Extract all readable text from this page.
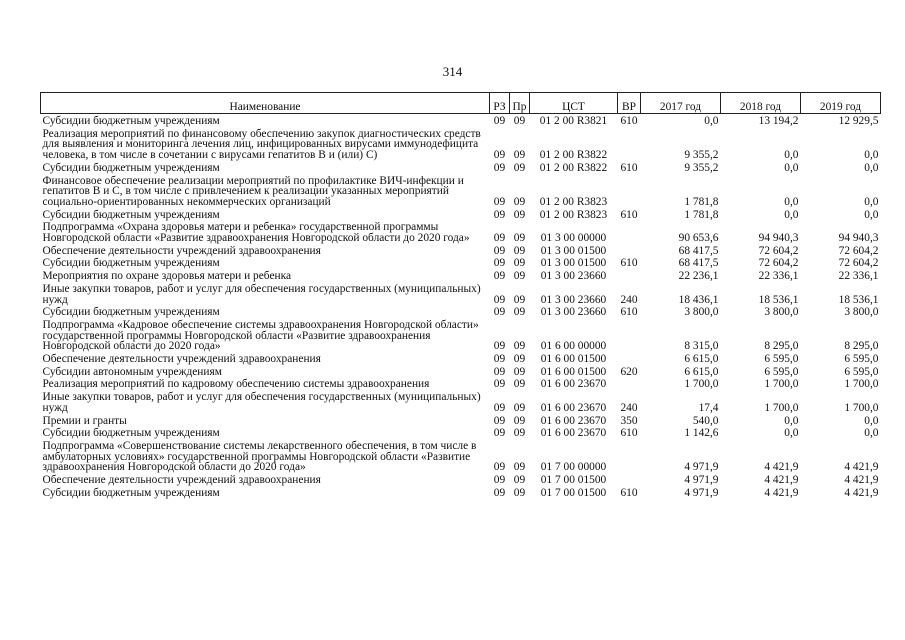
314
Наименование	РЗ	Пр	ЦСТ	ВР	2017 год	2018 год	2019 год
Субсидии бюджетным учреждениям	09	09	01 2 00 R3821	610	0,0	13 194,2	12 929,5
Реализация мероприятий по финансовому обеспечению закупок диагностических средств для выявления и мониторинга лечения лиц, инфицированных вирусами иммунодефицита человека, в том числе в сочетании с вирусами гепатитов В и (или) С)	09	09	01 2 00 R3822		9 355,2	0,0	0,0
Субсидии бюджетным учреждениям	09	09	01 2 00 R3822	610	9 355,2	0,0	0,0
Финансовое обеспечение реализации мероприятий по профилактике ВИЧ-инфекции и гепатитов В и С, в том числе с привлечением к реализации указанных мероприятий социально-ориентированных некоммерческих организаций	09	09	01 2 00 R3823		1 781,8	0,0	0,0
Субсидии бюджетным учреждениям	09	09	01 2 00 R3823	610	1 781,8	0,0	0,0
Подпрограмма «Охрана здоровья матери и ребенка» государственной программы Новгородской области «Развитие здравоохранения Новгородской области до 2020 года»	09	09	01 3 00 00000		90 653,6	94 940,3	94 940,3
Обеспечение деятельности учреждений здравоохранения	09	09	01 3 00 01500		68 417,5	72 604,2	72 604,2
Субсидии бюджетным учреждениям	09	09	01 3 00 01500	610	68 417,5	72 604,2	72 604,2
Мероприятия по охране здоровья матери и ребенка	09	09	01 3 00 23660		22 236,1	22 336,1	22 336,1
Иные закупки товаров, работ и услуг для обеспечения государственных (муниципальных) нужд	09	09	01 3 00 23660	240	18 436,1	18 536,1	18 536,1
Субсидии бюджетным учреждениям	09	09	01 3 00 23660	610	3 800,0	3 800,0	3 800,0
Подпрограмма «Кадровое обеспечение системы здравоохранения Новгородской области» государственной программы Новгородской области «Развитие здравоохранения Новгородской области до 2020 года»	09	09	01 6 00 00000		8 315,0	8 295,0	8 295,0
Обеспечение деятельности учреждений здравоохранения	09	09	01 6 00 01500		6 615,0	6 595,0	6 595,0
Субсидии автономным учреждениям	09	09	01 6 00 01500	620	6 615,0	6 595,0	6 595,0
Реализация мероприятий по кадровому обеспечению системы здравоохранения	09	09	01 6 00 23670		1 700,0	1 700,0	1 700,0
Иные закупки товаров, работ и услуг для обеспечения государственных (муниципальных) нужд	09	09	01 6 00 23670	240	17,4	1 700,0	1 700,0
Премии и гранты	09	09	01 6 00 23670	350	540,0	0,0	0,0
Субсидии бюджетным учреждениям	09	09	01 6 00 23670	610	1 142,6	0,0	0,0
Подпрограмма «Совершенствование системы лекарственного обеспечения, в том числе в амбулаторных условиях» государственной программы Новгородской области «Развитие здравоохранения Новгородской области до 2020 года»	09	09	01 7 00 00000		4 971,9	4 421,9	4 421,9
Обеспечение деятельности учреждений здравоохранения	09	09	01 7 00 01500		4 971,9	4 421,9	4 421,9
Субсидии бюджетным учреждениям	09	09	01 7 00 01500	610	4 971,9	4 421,9	4 421,9
